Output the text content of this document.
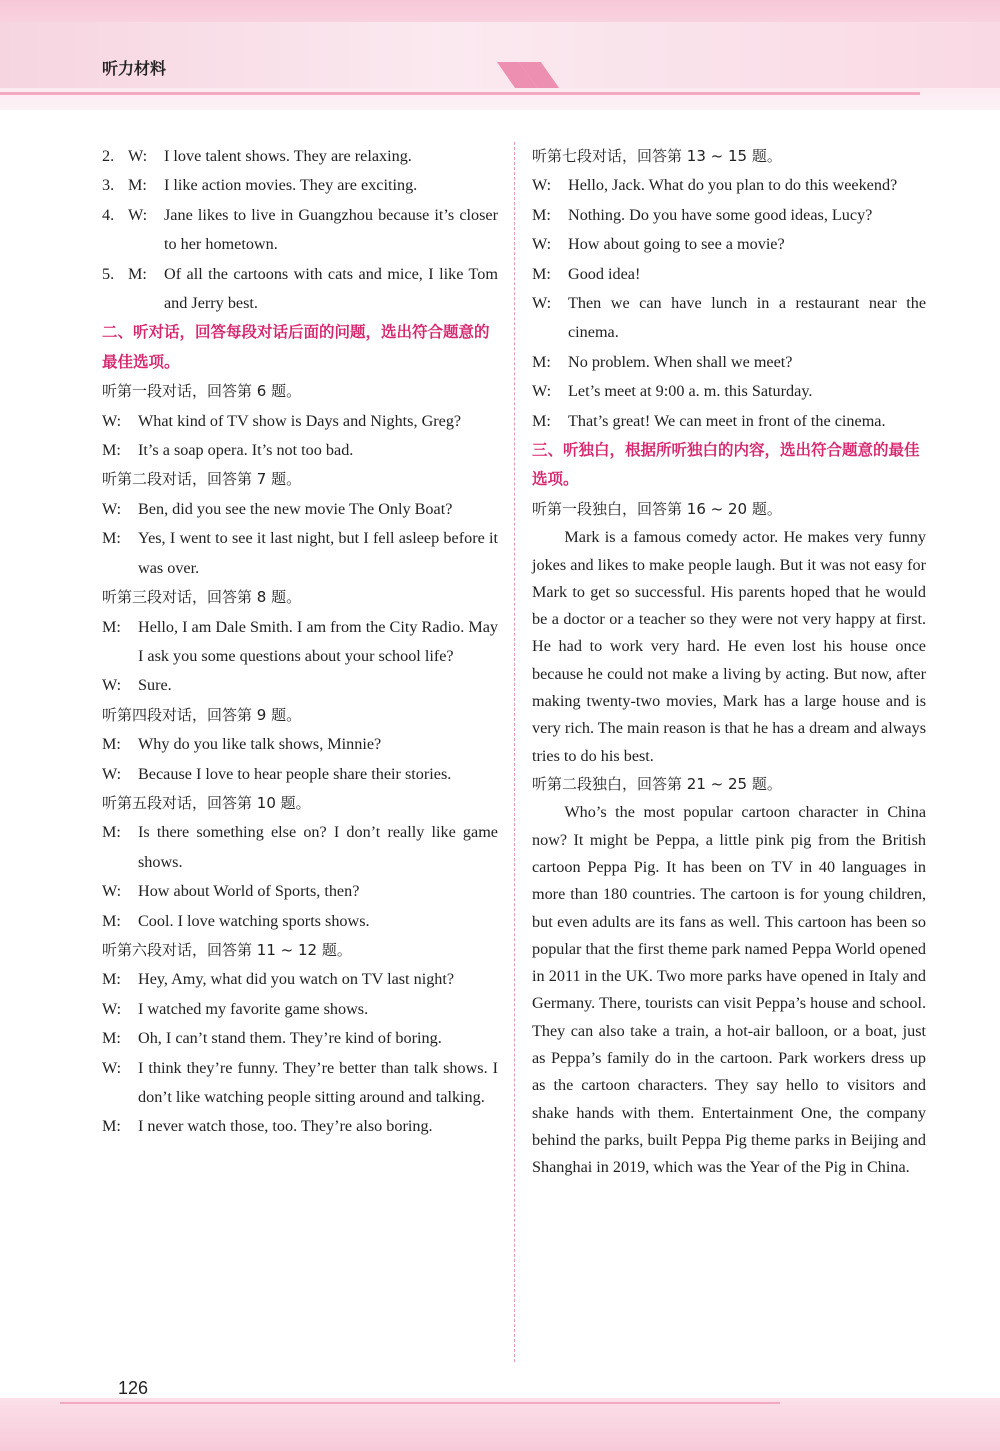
听力材料
2. W:	I love talent shows. They are relaxing.
3. M:	I like action movies. They are exciting.
4. W:	Jane likes to live in Guangzhou because it’s closer to her hometown.
5. M:	Of all the cartoons with cats and mice, I like Tom and Jerry best.
二、听对话，回答每段对话后面的问题，选出符合题意的最佳选项。
听第一段对话，回答第 6 题。
W:	What kind of TV show is Days and Nights, Greg?
M:	It’s a soap opera. It’s not too bad.
听第二段对话，回答第 7 题。
W:	Ben, did you see the new movie The Only Boat?
M:	Yes, I went to see it last night, but I fell asleep before it was over.
听第三段对话，回答第 8 题。
M:	Hello, I am Dale Smith. I am from the City Radio. May I ask you some questions about your school life?
W:	Sure.
听第四段对话，回答第 9 题。
M:	Why do you like talk shows, Minnie?
W:	Because I love to hear people share their stories.
听第五段对话，回答第 10 题。
M:	Is there something else on? I don’t really like game shows.
W:	How about World of Sports, then?
M:	Cool. I love watching sports shows.
听第六段对话，回答第 11 ~ 12 题。
M:	Hey, Amy, what did you watch on TV last night?
W:	I watched my favorite game shows.
M:	Oh, I can’t stand them. They’re kind of boring.
W:	I think they’re funny. They’re better than talk shows. I don’t like watching people sitting around and talking.
M:	I never watch those, too. They’re also boring.
听第七段对话，回答第 13 ~ 15 题。
W:	Hello, Jack. What do you plan to do this weekend?
M:	Nothing. Do you have some good ideas, Lucy?
W:	How about going to see a movie?
M:	Good idea!
W:	Then we can have lunch in a restaurant near the cinema.
M:	No problem. When shall we meet?
W:	Let’s meet at 9:00 a. m. this Saturday.
M:	That’s great! We can meet in front of the cinema.
三、听独白，根据所听独白的内容，选出符合题意的最佳选项。
听第一段独白，回答第 16 ~ 20 题。
Mark is a famous comedy actor. He makes very funny jokes and likes to make people laugh. But it was not easy for Mark to get so successful. His parents hoped that he would be a doctor or a teacher so they were not very happy at first. He had to work very hard. He even lost his house once because he could not make a living by acting. But now, after making twenty-two movies, Mark has a large house and is very rich. The main reason is that he has a dream and always tries to do his best.
听第二段独白，回答第 21 ~ 25 题。
Who’s the most popular cartoon character in China now? It might be Peppa, a little pink pig from the British cartoon Peppa Pig. It has been on TV in 40 languages in more than 180 countries. The cartoon is for young children, but even adults are its fans as well. This cartoon has been so popular that the first theme park named Peppa World opened in 2011 in the UK. Two more parks have opened in Italy and Germany. There, tourists can visit Peppa’s house and school. They can also take a train, a hot-air balloon, or a boat, just as Peppa’s family do in the cartoon. Park workers dress up as the cartoon characters. They say hello to visitors and shake hands with them. Entertainment One, the company behind the parks, built Peppa Pig theme parks in Beijing and Shanghai in 2019, which was the Year of the Pig in China.
126
